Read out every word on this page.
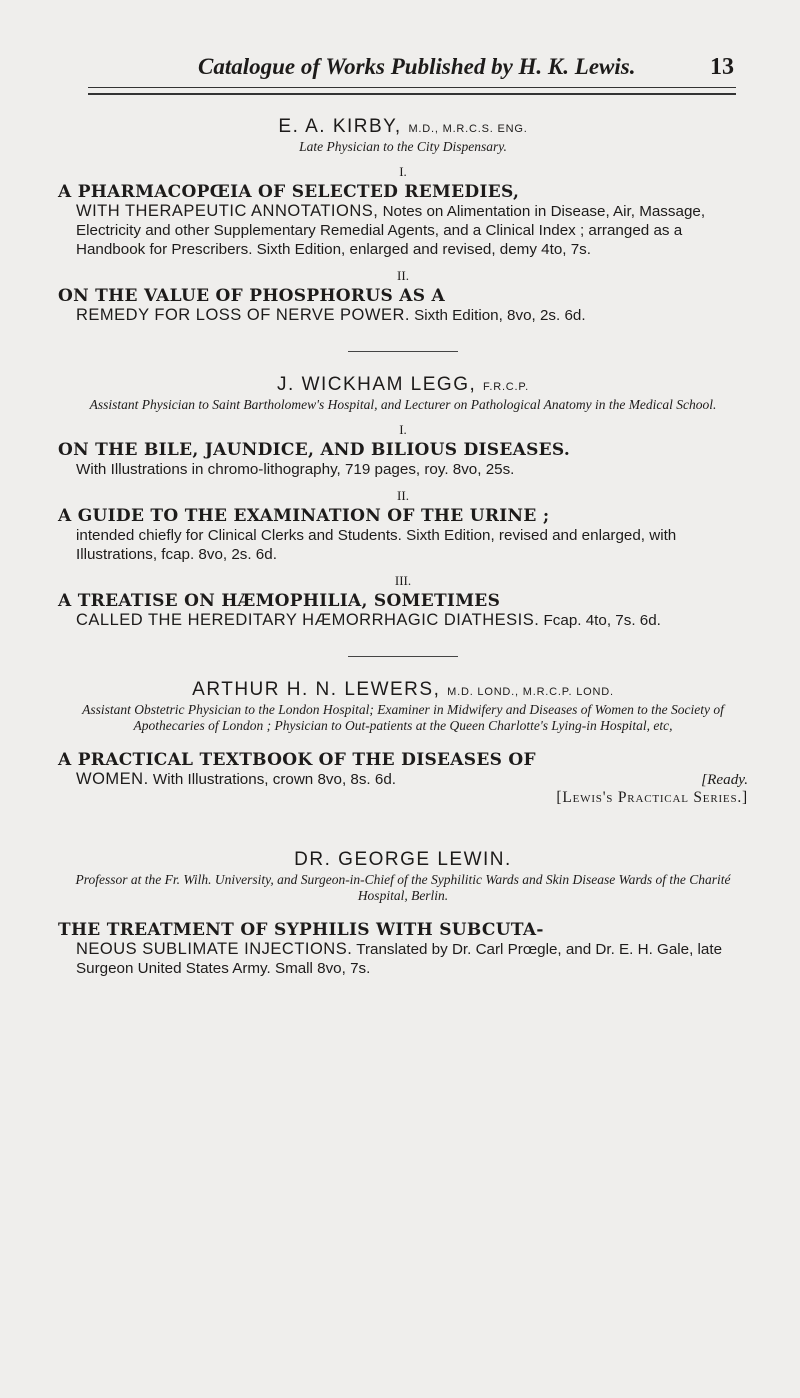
Catalogue of Works Published by H. K. Lewis.	13
E. A. KIRBY, M.D., M.R.C.S. ENG.
Late Physician to the City Dispensary.
I.
A PHARMACOPŒIA OF SELECTED REMEDIES,
WITH THERAPEUTIC ANNOTATIONS, Notes on Alimentation in Disease, Air, Massage, Electricity and other Supplementary Remedial Agents, and a Clinical Index ; arranged as a Handbook for Prescribers. Sixth Edition, enlarged and revised, demy 4to, 7s.
II.
ON THE VALUE OF PHOSPHORUS AS A
REMEDY FOR LOSS OF NERVE POWER. Sixth Edition, 8vo, 2s. 6d.
J. WICKHAM LEGG, F.R.C.P.
Assistant Physician to Saint Bartholomew's Hospital, and Lecturer on Pathological Anatomy in the Medical School.
I.
ON THE BILE, JAUNDICE, AND BILIOUS DISEASES.
With Illustrations in chromo-lithography, 719 pages, roy. 8vo, 25s.
II.
A GUIDE TO THE EXAMINATION OF THE URINE ;
intended chiefly for Clinical Clerks and Students. Sixth Edition, revised and enlarged, with Illustrations, fcap. 8vo, 2s. 6d.
III.
A TREATISE ON HÆMOPHILIA, SOMETIMES
CALLED THE HEREDITARY HÆMORRHAGIC DIATHESIS. Fcap. 4to, 7s. 6d.
ARTHUR H. N. LEWERS, M.D. LOND., M.R.C.P. LOND.
Assistant Obstetric Physician to the London Hospital; Examiner in Midwifery and Diseases of Women to the Society of Apothecaries of London ; Physician to Out-patients at the Queen Charlotte's Lying-in Hospital, etc,
A PRACTICAL TEXTBOOK OF THE DISEASES OF
WOMEN. With Illustrations, crown 8vo, 8s. 6d.	[Ready.
[Lewis's Practical Series.]
DR. GEORGE LEWIN.
Professor at the Fr. Wilh. University, and Surgeon-in-Chief of the Syphilitic Wards and Skin Disease Wards of the Charité Hospital, Berlin.
THE TREATMENT OF SYPHILIS WITH SUBCUTA-
NEOUS SUBLIMATE INJECTIONS. Translated by Dr. Carl Prœgle, and Dr. E. H. Gale, late Surgeon United States Army. Small 8vo, 7s.
